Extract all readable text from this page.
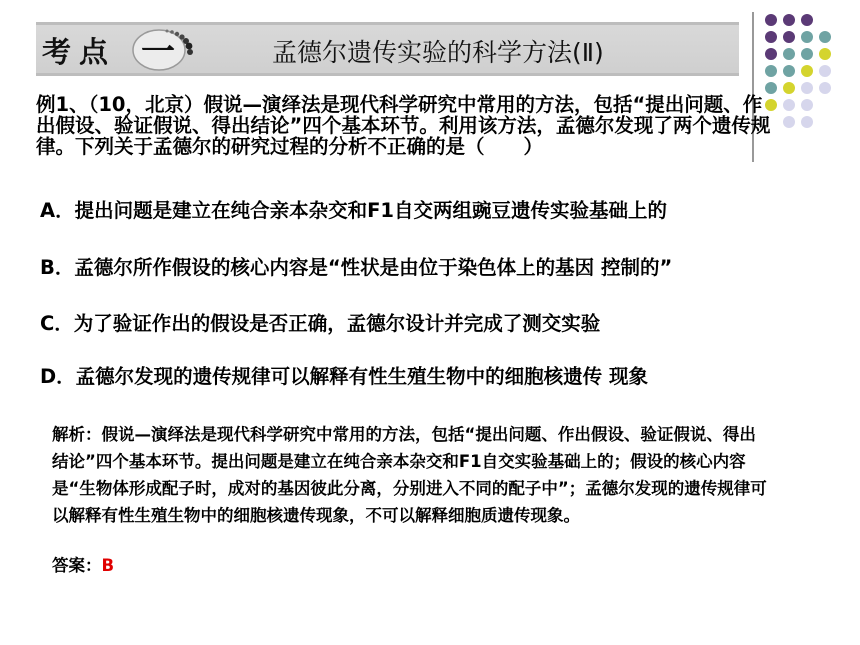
考点 一	孟德尔遗传实验的科学方法(Ⅱ)
例1、（10，北京）假说—演绎法是现代科学研究中常用的方法，包括“提出问题、作出假设、验证假说、得出结论”四个基本环节。利用该方法，孟德尔发现了两个遗传规律。下列关于孟德尔的研究过程的分析不正确的是（　　）
A．提出问题是建立在纯合亲本杂交和F1自交两组豌豆遗传实验基础上的
B．孟德尔所作假设的核心内容是“性状是由位于染色体上的基因 控制的”
C．为了验证作出的假设是否正确，孟德尔设计并完成了测交实验
D．孟德尔发现的遗传规律可以解释有性生殖生物中的细胞核遗传 现象
解析：假说—演绎法是现代科学研究中常用的方法，包括“提出问题、作出假设、验证假说、得出结论”四个基本环节。提出问题是建立在纯合亲本杂交和F1自交实验基础上的；假设的核心内容是“生物体形成配子时，成对的基因彼此分离，分别进入不同的配子中”；孟德尔发现的遗传规律可以解释有性生殖生物中的细胞核遗传现象，不可以解释细胞质遗传现象。
答案：B
